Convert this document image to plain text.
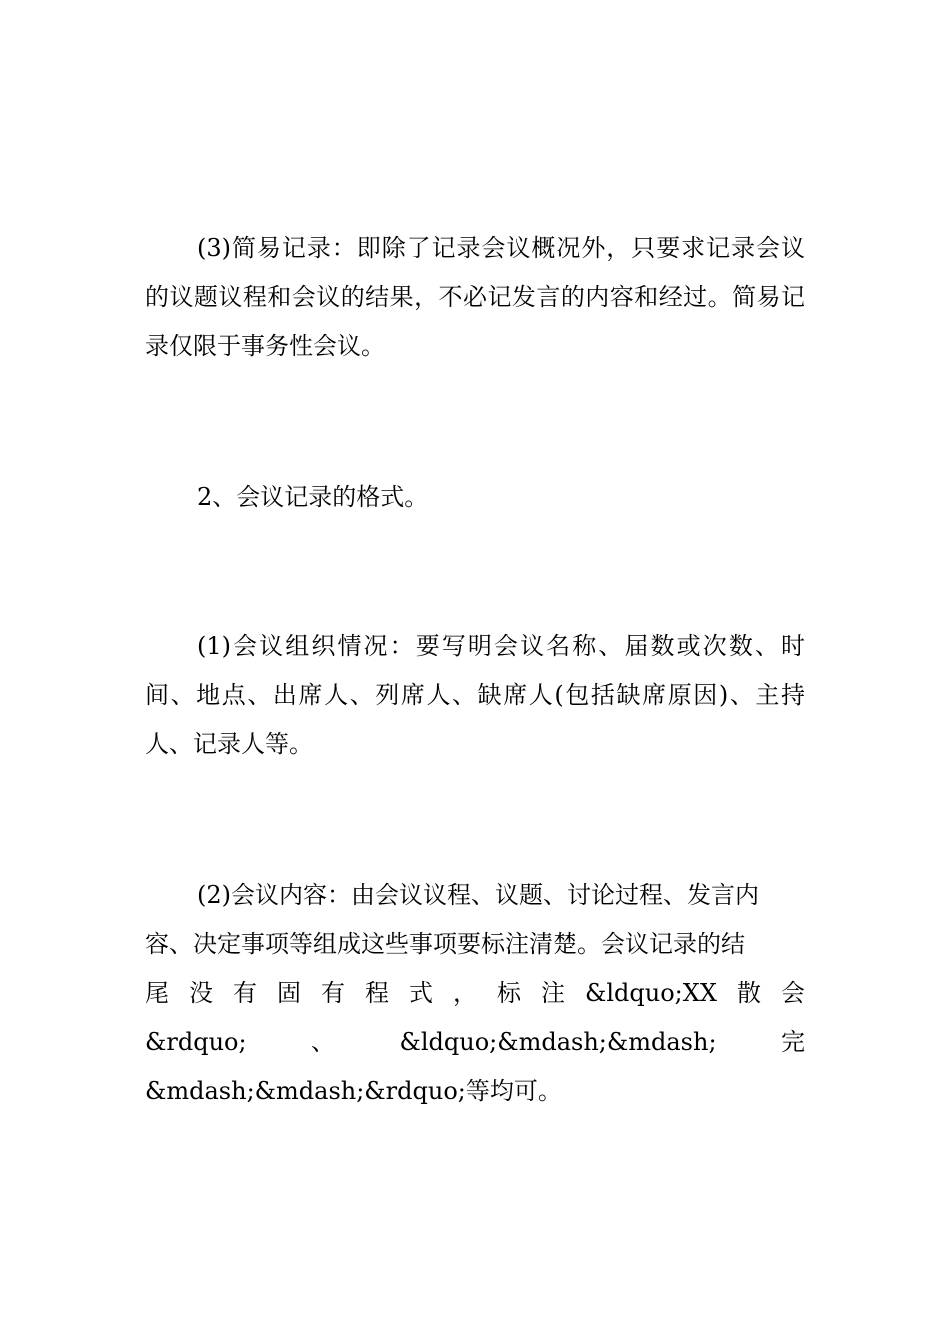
(3)简易记录：即除了记录会议概况外，只要求记录会议的议题议程和会议的结果，不必记发言的内容和经过。简易记录仅限于事务性会议。

2、会议记录的格式。

(1)会议组织情况：要写明会议名称、届数或次数、时间、地点、出席人、列席人、缺席人(包括缺席原因)、主持人、记录人等。

(2)会议内容：由会议议程、议题、讨论过程、发言内
容、决定事项等组成这些事项要标注清楚。会议记录的结
尾 没 有 固 有 程 式 ， 标 注 &ldquo;XX 散 会
&rdquo;	、	&ldquo;&mdash;&mdash;	完
&mdash;&mdash;&rdquo;等均可。
